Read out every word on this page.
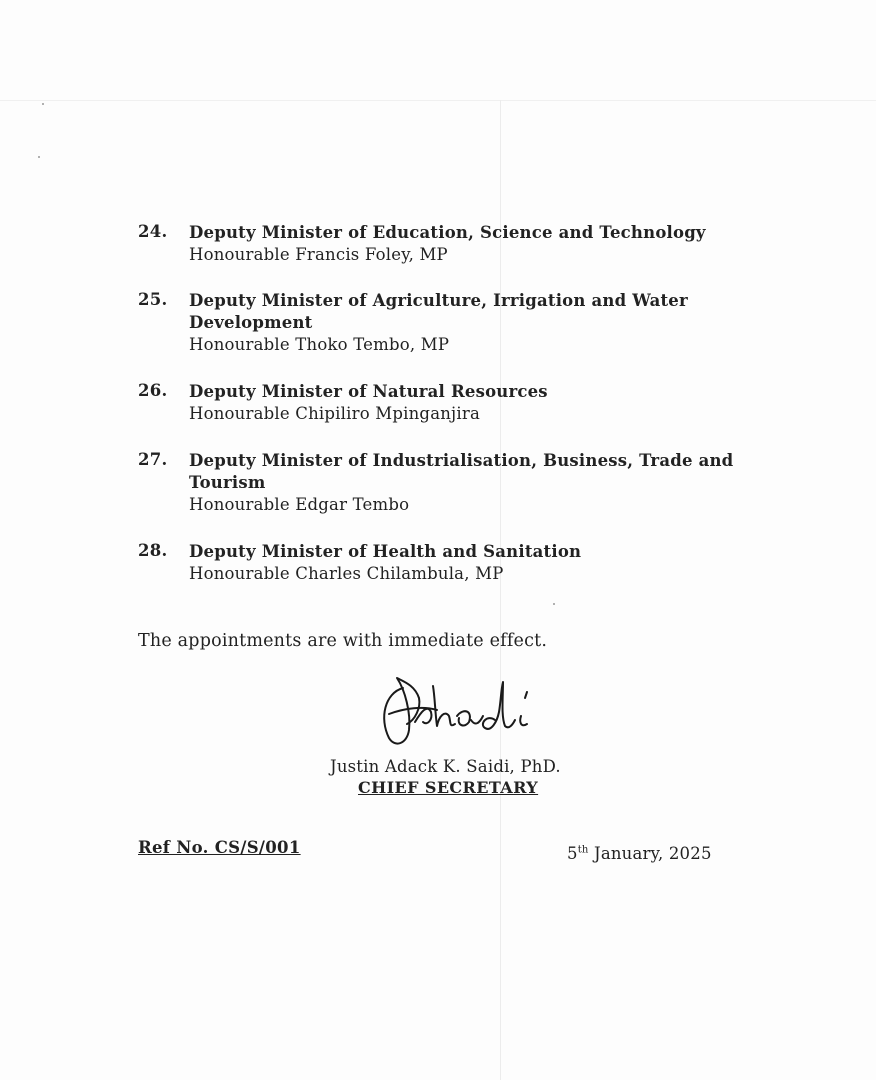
24. Deputy Minister of Education, Science and Technology
Honourable Francis Foley, MP
25. Deputy Minister of Agriculture, Irrigation and Water Development
Honourable Thoko Tembo, MP
26. Deputy Minister of Natural Resources
Honourable Chipiliro Mpinganjira
27. Deputy Minister of Industrialisation, Business, Trade and Tourism
Honourable Edgar Tembo
28. Deputy Minister of Health and Sanitation
Honourable Charles Chilambula, MP
The appointments are with immediate effect.
Justin Adack K. Saidi, PhD.
CHIEF SECRETARY
Ref No. CS/S/001	5th January, 2025
